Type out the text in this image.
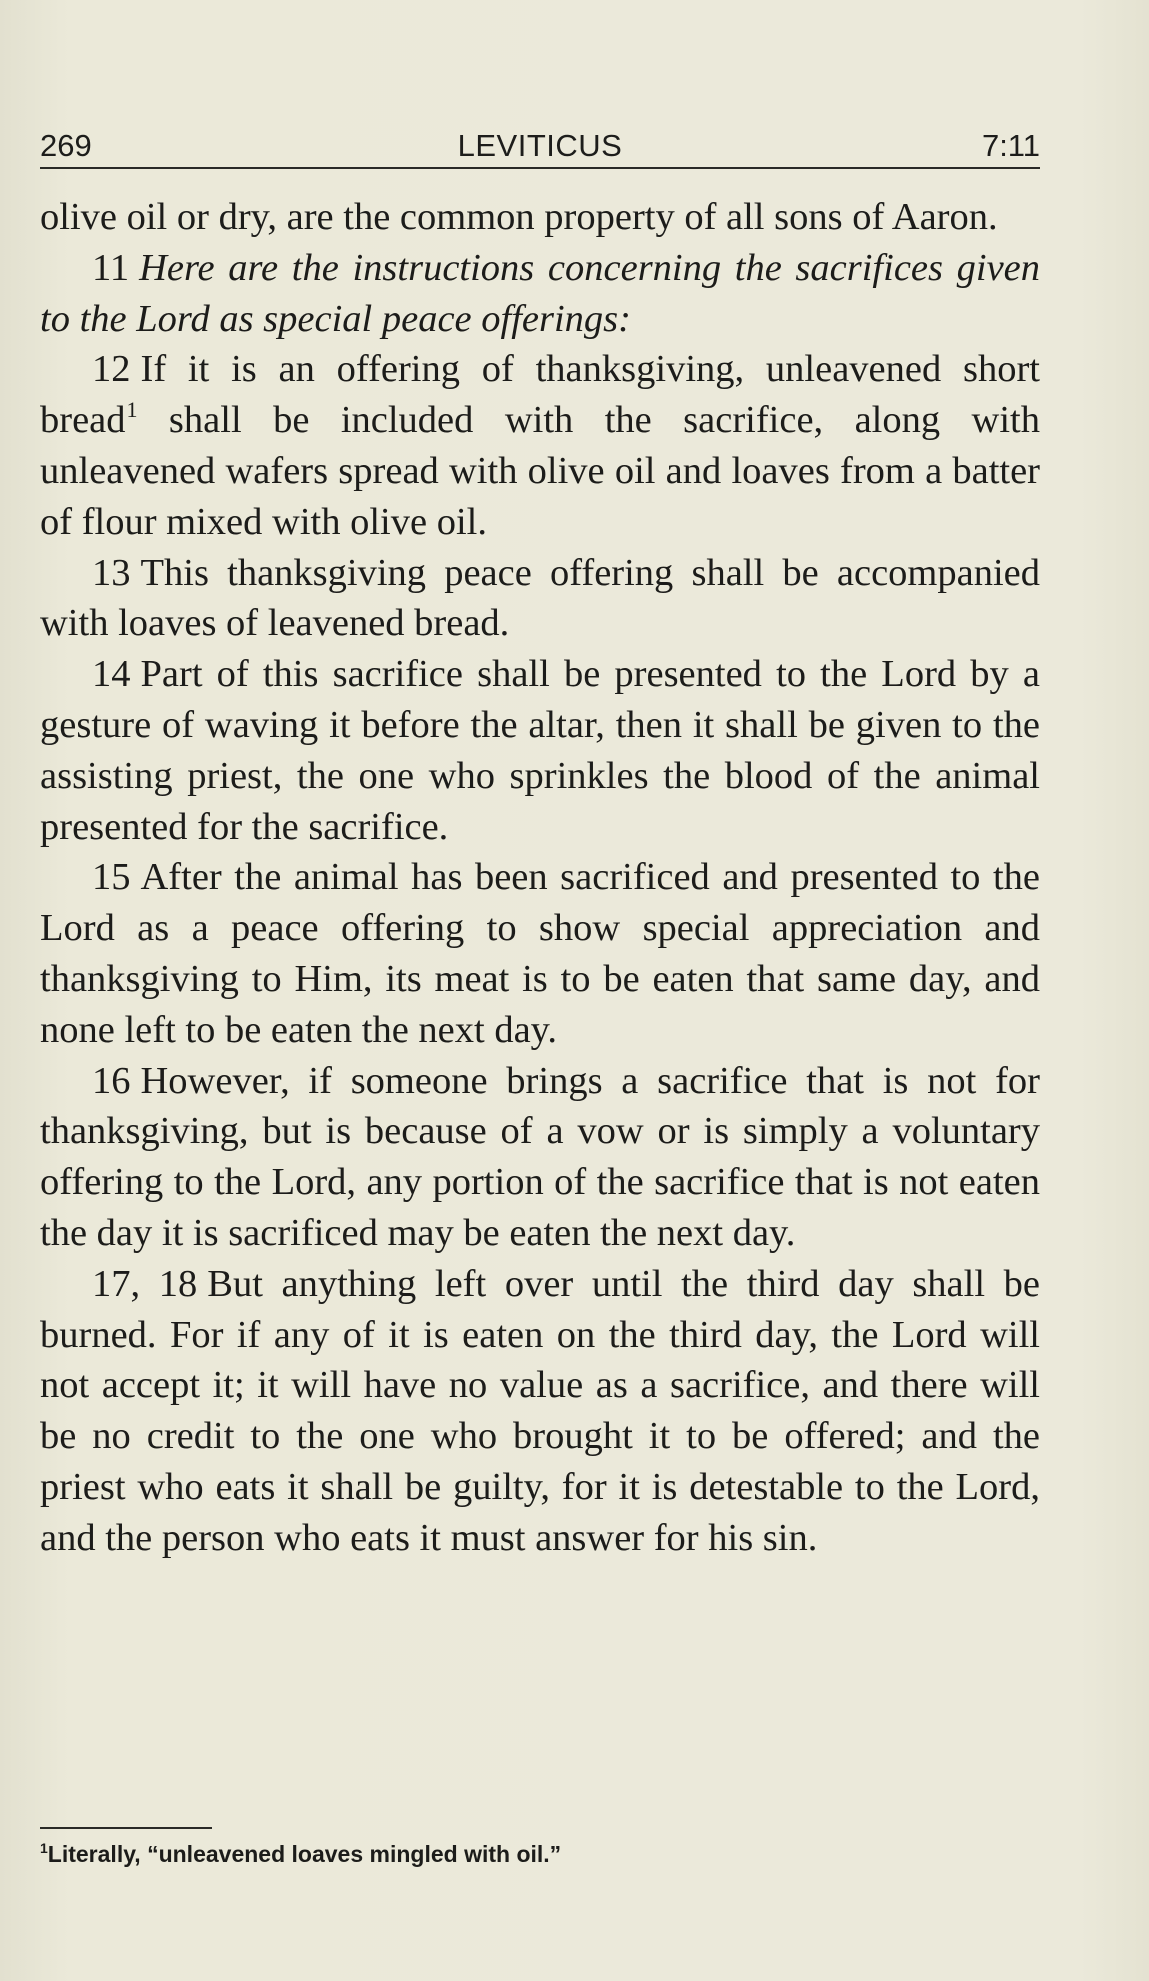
269	LEVITICUS	7:11

olive oil or dry, are the common property of all sons of Aaron.

11 Here are the instructions concerning the sacrifices given to the Lord as special peace offerings:

12 If it is an offering of thanksgiving, unleavened short bread$^1$ shall be included with the sacrifice, along with unleavened wafers spread with olive oil and loaves from a batter of flour mixed with olive oil.

13 This thanksgiving peace offering shall be accompanied with loaves of leavened bread.

14 Part of this sacrifice shall be presented to the Lord by a gesture of waving it before the altar, then it shall be given to the assisting priest, the one who sprinkles the blood of the animal presented for the sacrifice.

15 After the animal has been sacrificed and presented to the Lord as a peace offering to show special appreciation and thanksgiving to Him, its meat is to be eaten that same day, and none left to be eaten the next day.

16 However, if someone brings a sacrifice that is not for thanksgiving, but is because of a vow or is simply a voluntary offering to the Lord, any portion of the sacrifice that is not eaten the day it is sacrificed may be eaten the next day.

17, 18 But anything left over until the third day shall be burned. For if any of it is eaten on the third day, the Lord will not accept it; it will have no value as a sacrifice, and there will be no credit to the one who brought it to be offered; and the priest who eats it shall be guilty, for it is detestable to the Lord, and the person who eats it must answer for his sin.

$^1$Literally, “unleavened loaves mingled with oil.”
